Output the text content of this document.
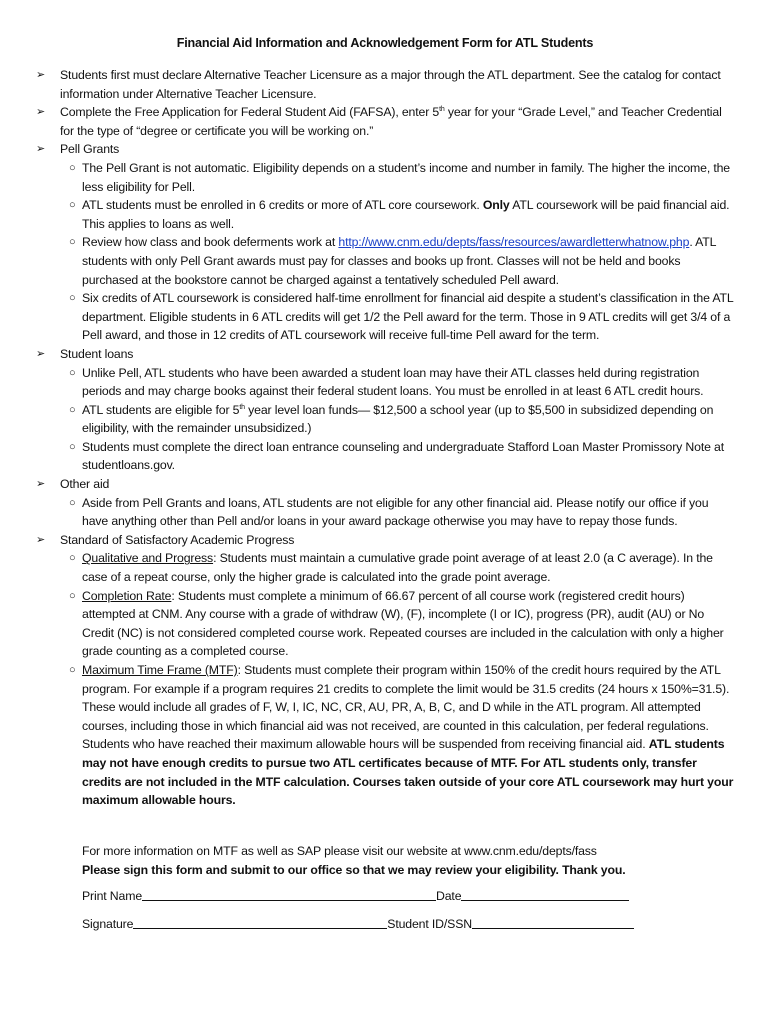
Financial Aid Information and Acknowledgement Form for ATL Students
➢	Students first must declare Alternative Teacher Licensure as a major through the ATL department. See the catalog for contact information under Alternative Teacher Licensure.
➢	Complete the Free Application for Federal Student Aid (FAFSA), enter 5th year for your “Grade Level,” and Teacher Credential for the type of “degree or certificate you will be working on.”
➢	Pell Grants
○ The Pell Grant is not automatic. Eligibility depends on a student’s income and number in family. The higher the income, the less eligibility for Pell.
○ ATL students must be enrolled in 6 credits or more of ATL core coursework. Only ATL coursework will be paid financial aid. This applies to loans as well.
○ Review how class and book deferments work at http://www.cnm.edu/depts/fass/resources/awardletterwhatnow.php. ATL students with only Pell Grant awards must pay for classes and books up front. Classes will not be held and books purchased at the bookstore cannot be charged against a tentatively scheduled Pell award.
○ Six credits of ATL coursework is considered half-time enrollment for financial aid despite a student’s classification in the ATL department. Eligible students in 6 ATL credits will get 1/2 the Pell award for the term. Those in 9 ATL credits will get 3/4 of a Pell award, and those in 12 credits of ATL coursework will receive full-time Pell award for the term.
➢	Student loans
○ Unlike Pell, ATL students who have been awarded a student loan may have their ATL classes held during registration periods and may charge books against their federal student loans. You must be enrolled in at least 6 ATL credit hours.
○ ATL students are eligible for 5th year level loan funds— $12,500 a school year (up to $5,500 in subsidized depending on eligibility, with the remainder unsubsidized.)
○ Students must complete the direct loan entrance counseling and undergraduate Stafford Loan Master Promissory Note at studentloans.gov.
➢	Other aid
○ Aside from Pell Grants and loans, ATL students are not eligible for any other financial aid. Please notify our office if you have anything other than Pell and/or loans in your award package otherwise you may have to repay those funds.
➢	Standard of Satisfactory Academic Progress
○ Qualitative and Progress: Students must maintain a cumulative grade point average of at least 2.0 (a C average). In the case of a repeat course, only the higher grade is calculated into the grade point average.
○ Completion Rate: Students must complete a minimum of 66.67 percent of all course work (registered credit hours) attempted at CNM. Any course with a grade of withdraw (W), (F), incomplete (I or IC), progress (PR), audit (AU) or No Credit (NC) is not considered completed course work. Repeated courses are included in the calculation with only a higher grade counting as a completed course.
○ Maximum Time Frame (MTF): Students must complete their program within 150% of the credit hours required by the ATL program. For example if a program requires 21 credits to complete the limit would be 31.5 credits (24 hours x 150%=31.5). These would include all grades of F, W, I, IC, NC, CR, AU, PR, A, B, C, and D while in the ATL program. All attempted courses, including those in which financial aid was not received, are counted in this calculation, per federal regulations. Students who have reached their maximum allowable hours will be suspended from receiving financial aid. ATL students may not have enough credits to pursue two ATL certificates because of MTF. For ATL students only, transfer credits are not included in the MTF calculation. Courses taken outside of your core ATL coursework may hurt your maximum allowable hours.
For more information on MTF as well as SAP please visit our website at www.cnm.edu/depts/fass
Please sign this form and submit to our office so that we may review your eligibility. Thank you.
Print Name	Date
Signature	Student ID/SSN
